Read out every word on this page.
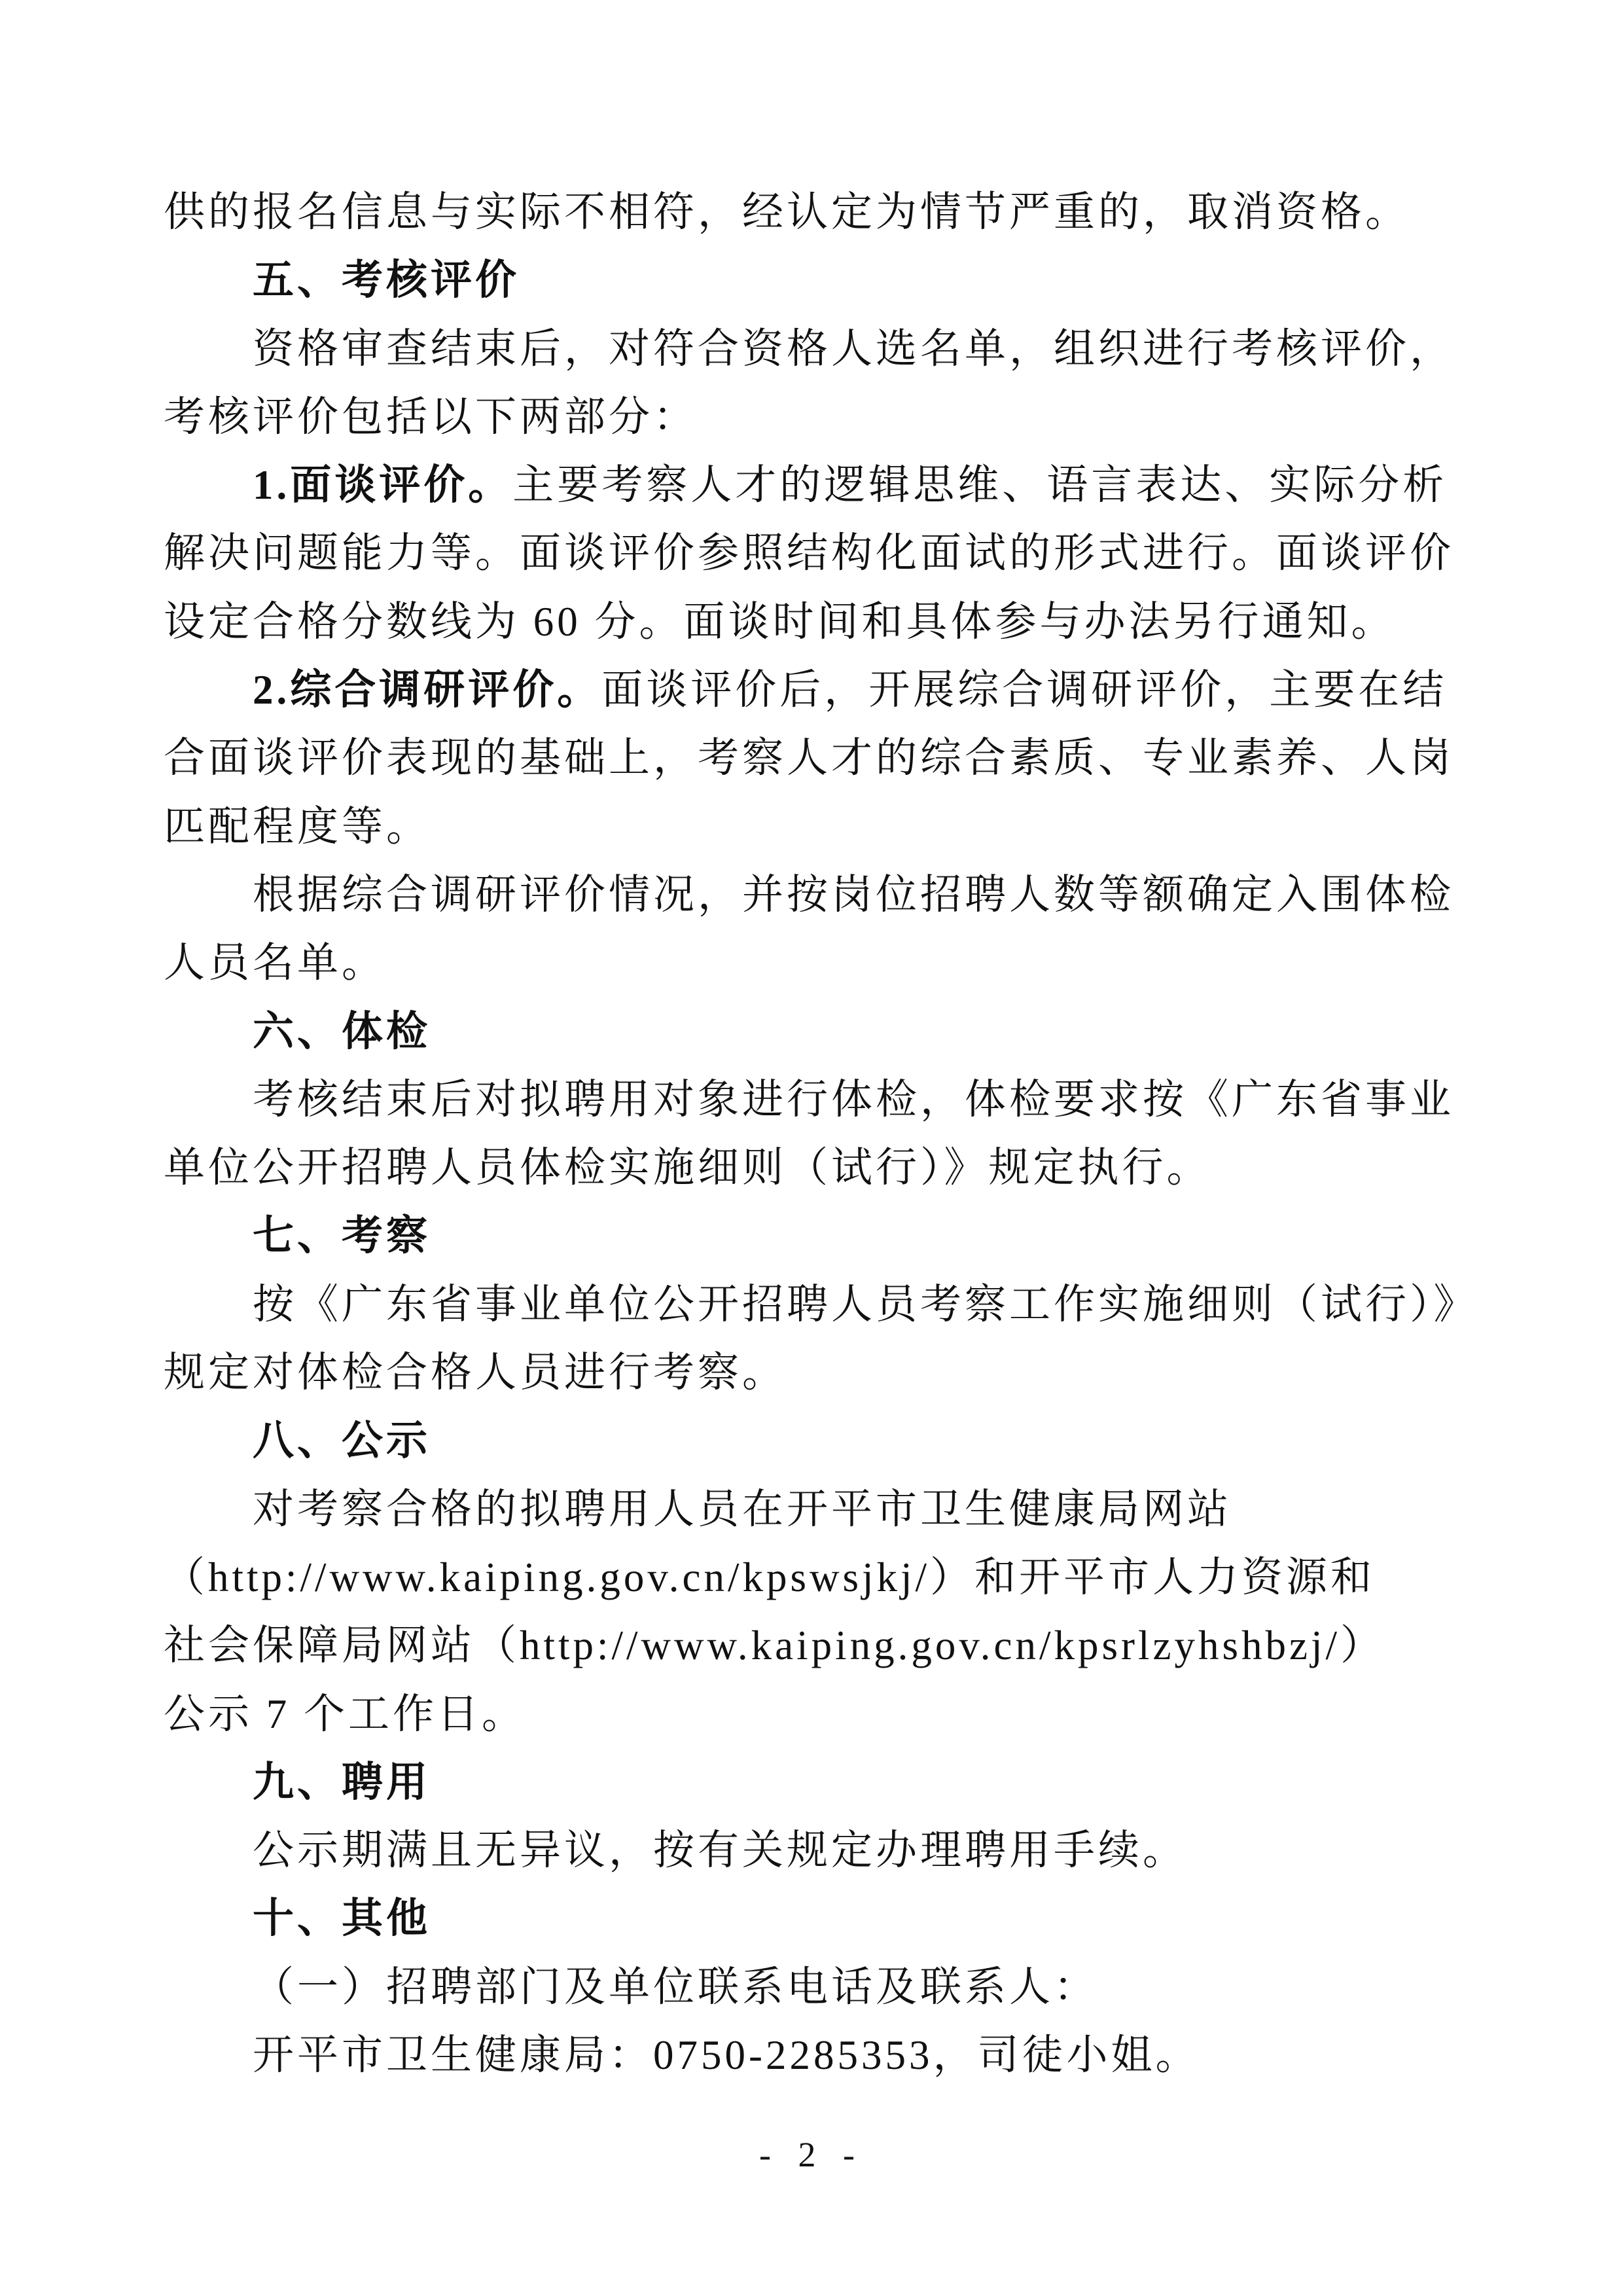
供的报名信息与实际不相符，经认定为情节严重的，取消资格。

五、考核评价

资格审查结束后，对符合资格人选名单，组织进行考核评价，

考核评价包括以下两部分：

1.面谈评价。主要考察人才的逻辑思维、语言表达、实际分析

解决问题能力等。面谈评价参照结构化面试的形式进行。面谈评价

设定合格分数线为 60 分。面谈时间和具体参与办法另行通知。

2.综合调研评价。面谈评价后，开展综合调研评价，主要在结

合面谈评价表现的基础上，考察人才的综合素质、专业素养、人岗

匹配程度等。

根据综合调研评价情况，并按岗位招聘人数等额确定入围体检

人员名单。

六、体检

考核结束后对拟聘用对象进行体检，体检要求按《广东省事业

单位公开招聘人员体检实施细则（试行）》规定执行。

七、考察

按《广东省事业单位公开招聘人员考察工作实施细则（试行）》

规定对体检合格人员进行考察。

八、公示

对考察合格的拟聘用人员在开平市卫生健康局网站

（http://www.kaiping.gov.cn/kpswsjkj/）和开平市人力资源和

社会保障局网站（http://www.kaiping.gov.cn/kpsrlzyhshbzj/）

公示 7 个工作日。

九、聘用

公示期满且无异议，按有关规定办理聘用手续。

十、其他

（一）招聘部门及单位联系电话及联系人：

开平市卫生健康局：0750-2285353，司徒小姐。

- 2 -
